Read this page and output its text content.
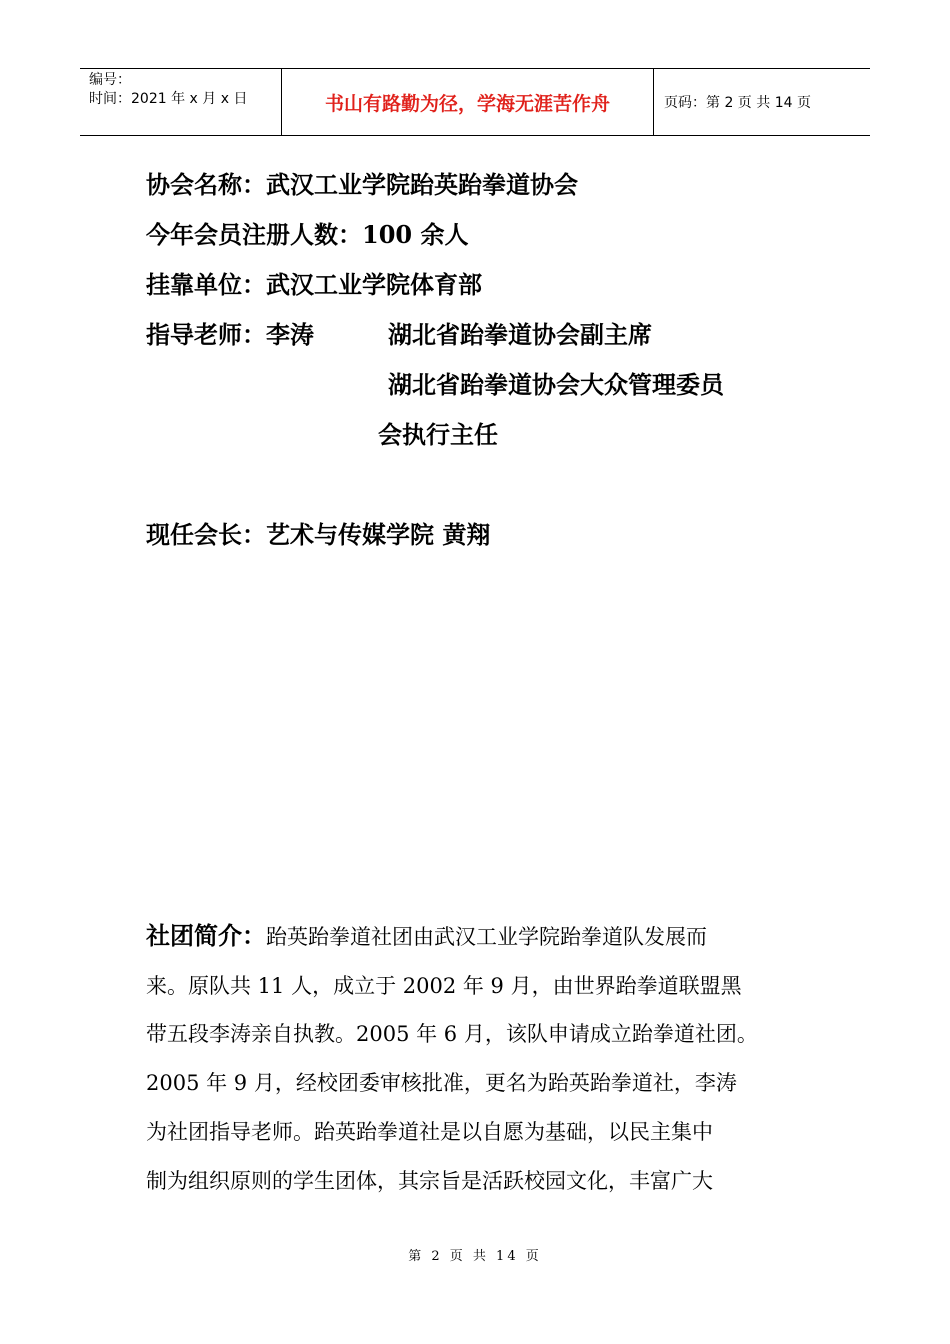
编号：
时间：2021 年 x 月 x 日	书山有路勤为径，学海无涯苦作舟	页码：第 2 页 共 14 页
协会名称：武汉工业学院跆英跆拳道协会
今年会员注册人数：100 余人
挂靠单位：武汉工业学院体育部
指导老师：李涛	湖北省跆拳道协会副主席
湖北省跆拳道协会大众管理委员
会执行主任
现任会长：艺术与传媒学院 黄翔
社团简介：跆英跆拳道社团由武汉工业学院跆拳道队发展而
来。原队共 11 人，成立于 2002 年 9 月，由世界跆拳道联盟黑
带五段李涛亲自执教。2005 年 6 月，该队申请成立跆拳道社团。
2005 年 9 月，经校团委审核批准，更名为跆英跆拳道社，李涛
为社团指导老师。跆英跆拳道社是以自愿为基础，以民主集中
制为组织原则的学生团体，其宗旨是活跃校园文化，丰富广大
第 2 页 共 14 页
